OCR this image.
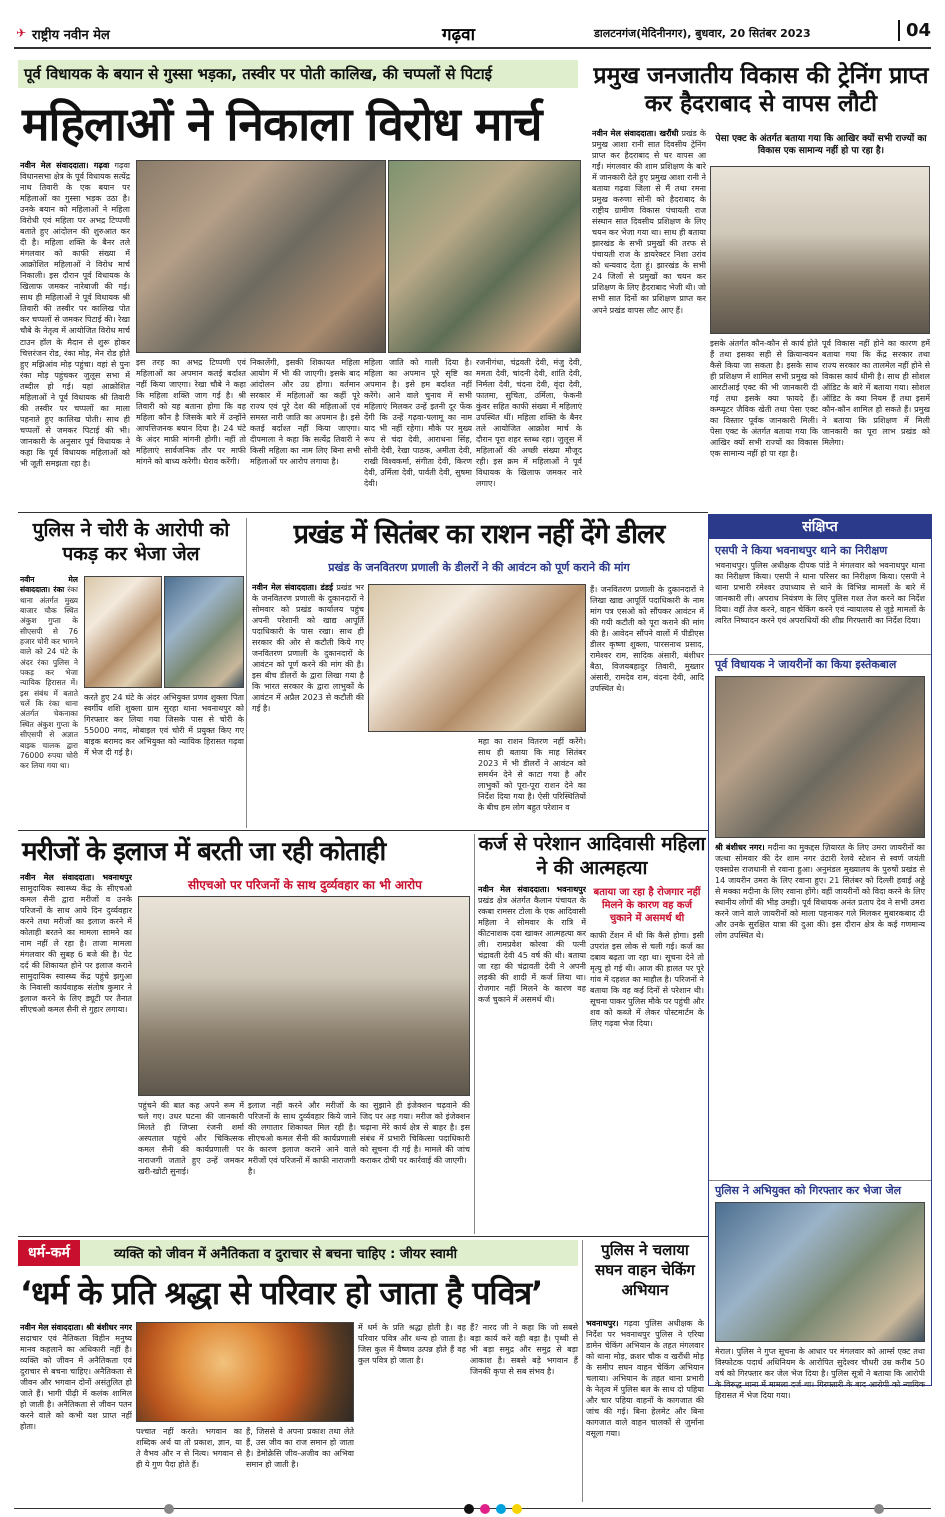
✈ राष्ट्रीय नवीन मेल	गढ़वा	डालटनगंज(मेदिनीनगर), बुधवार, 20 सितंबर 2023	04
पूर्व विधायक के बयान से गुस्सा भड़का, तस्वीर पर पोती कालिख, की चप्पलों से पिटाई
महिलाओं ने निकाला विरोध मार्च
नवीन मेल संवाददाता। गढ़वा गढ़वा विधानसभा क्षेत्र के पूर्व विधायक सत्येंद्र नाथ तिवारी के एक बयान पर महिलाओं का गुस्सा भड़क उठा है। उनके बयान को महिलाओं ने महिला विरोधी एवं महिला पर अभद्र टिप्पणी बताते हुए आंदोलन की शुरुआत कर दी है। महिला शक्ति के बैनर तले मंगलवार को काफी संख्या में आक्रोशित महिलाओं ने विरोध मार्च निकाली। इस दौरान पूर्व विधायक के खिलाफ जमकर नारेबाजी की गई। साथ ही महिलाओं ने पूर्व विधायक श्री तिवारी की तस्वीर पर कालिख पोत कर चप्पलों से जमकर पिटाई की। रेखा चौबे के नेतृत्व में आयोजित विरोध मार्च टाउन हॉल के मैदान से शुरू होकर चित्तरंजन रोड, रंका मोड़, मेन रोड होते हुए मझिआंव मोड़ पहुंचा। वहां से पुनः रंका मोड़ पहुंचकर जुलूस सभा में तब्दील हो गई। यहां आक्रोशित महिलाओं ने पूर्व विधायक श्री तिवारी की तस्वीर पर चप्पलों का माला पहनाते हुए कालिख पोती। साथ ही चप्पलों से जमकर पिटाई की भी। जानकारी के अनुसार पूर्व विधायक ने कहा कि पूर्व विधायक महिलाओं को भी जूती समझता रहा है।
इस तरह का अभद्र टिप्पणी एवं महिलाओं का अपमान कतई बर्दाश्त नहीं किया जाएगा। रेखा चौबे ने कहा कि महिला शक्ति जाग गई है। श्री तिवारी को यह बताना होगा कि वह महिला कौन है जिसके बारे में उन्होंने आपत्तिजनक बयान दिया है। 24 घंटे के अंदर माफ़ी मांगनी होगी। नहीं तो महिलाएं सार्वजनिक तौर पर माफी मांगने को बाध्य करेगी। घेराव करेंगी।
निकालेंगी, इसकी शिकायत महिला आयोग में भी की जाएगी। इसके बाद आंदोलन और उग्र होगा। वर्तमान सरकार में महिलाओं का कहीं पूरे राज्य एवं पूरे देश की महिलाओं एवं समस्त नारी जाति का अपमान है। इसे कतई बर्दाश्त नहीं किया जाएगा। दीपमाला ने कहा कि सत्येंद्र तिवारी ने किसी महिला का नाम लिए बिना सभी महिलाओं पर आरोप लगाया है।
महिला जाति को गाली दिया है। महिला का अपमान पूरे सृष्टि का अपमान है। इसे हम बर्दाश्त नहीं करेंगे। आने वाले चुनाव में सभी महिलाएं मिलकर उन्हें इतनी दूर फेंक देंगी कि उन्हें गढ़वा-पलामू का नाम याद भी नहीं रहेगा। मौके पर मुख्य रूप से चंदा देवी, आराधना सिंह, सोनी देवी, रेखा पाठक, अमीता देवी, राखी विश्वकर्मा, संगीता देवी, किरण देवी, उर्मिला देवी, पार्वती देवी, सुषमा देवी।
रजनीगंधा, चंद्रवती देवी, मंजु देवी, ममता देवी, चांदनी देवी, शांति देवी, निर्मला देवी, चंदना देवी, वृंदा देवी, फातमा, सुचिता, उर्मिला, फेकनी कुंवर सहित काफी संख्या में महिलाएं उपस्थित थीं। महिला शक्ति के बैनर तले आयोजित आक्रोश मार्च के दौरान पूरा शहर स्तब्ध रहा। जुलूस में महिलाओं की अच्छी संख्या मौजूद रही। इस क्रम में महिलाओं ने पूर्व विधायक के खिलाफ जमकर नारे लगाए।
प्रमुख जनजातीय विकास की ट्रेनिंग प्राप्त कर हैदराबाद से वापस लौटी
नवीन मेल संवाददाता। खरौंधी प्रखंड के प्रमुख आशा रानी सात दिवसीय ट्रेनिंग प्राप्त कर हैदराबाद से घर वापस आ गईं। मंगलवार की शाम प्रशिक्षण के बारे में जानकारी देते हुए प्रमुख आशा रानी ने बताया गढ़वा जिला से मैं तथा रमना प्रमुख करुणा सोनी को हैदराबाद के राष्ट्रीय ग्रामीण विकास पंचायती राज संस्थान सात दिवसीय प्रशिक्षण के लिए चयन कर भेजा गया था। साथ ही बताया झारखंड के सभी प्रमुखों की तरफ से पंचायती राज के डायरेक्टर निशा उरांव को धन्यवाद देता हूं। झारखंड के सभी 24 जिलों से प्रमुखों का चयन कर प्रशिक्षण के लिए हैदराबाद भेजी थी। जो सभी सात दिनों का प्रशिक्षण प्राप्त कर अपने प्रखंड वापस लौट आए हैं।
पेसा एक्ट के अंतर्गत बताया गया कि आखिर क्यों सभी राज्यों का विकास एक सामान्य नहीं हो पा रहा है।
इसके अंतर्गत कौन-कौन से कार्य होते हैं तथा इसका सही से क्रियान्वयन कैसे किया जा सकता है। इसके साथ ही प्रशिक्षण में शामिल सभी प्रमुख को आरटीआई एक्ट की भी जानकारी दी गई तथा इसके क्या फायदे हैं। कम्प्यूटर जैविक खेती तथा पेसा एक्ट का विस्तार पूर्वक जानकारी मिली। पेसा एक्ट के अंतर्गत बताया गया कि आखिर क्यों सभी राज्यों का विकास एक सामान्य नहीं हो पा रहा है।
पूर्व विकास नहीं होने का कारण हमें बताया गया कि केंद्र सरकार तथा राज्य सरकार का तालमेल नहीं होने से विकास कार्य धीमी है। साथ ही सोशल ऑडिट के बारे में बताया गया। सोशल ऑडिट के क्या नियम हैं तथा इसमें कौन-कौन शामिल हो सकते हैं। प्रमुख ने बताया कि प्रशिक्षण में मिली जानकारी का पूरा लाभ प्रखंड को मिलेगा।
संक्षिप्त
एसपी ने किया भवनाथपुर थाने का निरीक्षण
भवनाथपुर। पुलिस अधीक्षक दीपक पांडे ने मंगलवार को भवनाथपुर थाना का निरीक्षण किया। एसपी ने थाना परिसर का निरीक्षण किया। एसपी ने थाना प्रभारी रमेश्वर उपाध्याय से थाने के विभिन्न मामलों के बारे में जानकारी ली। अपराध नियंत्रण के लिए पुलिस गश्त तेज करने का निर्देश दिया। वहीं तेज करने, वाहन चेकिंग करने एवं न्यायालय से जुड़े मामलों के त्वरित निष्पादन करने एवं अपराधियों की शीघ्र गिरफ्तारी का निर्देश दिया।
पूर्व विधायक ने जायरीनों का किया इस्तेकबाल
श्री बंशीधर नगर। मदीना का मुकद्दस ज़ियारत के लिए उमरा जायरीनों का जत्था सोमवार की देर शाम नगर उंटारी रेलवे स्टेशन से स्वर्ण जयंती एक्सप्रेस राजधानी से रवाना हुआ। अनुमंडल मुख्यालय के पुरुषों प्रखंड से 14 जायरीन उमरा के लिए रवाना हुए। 21 सितंबर को दिल्ली हवाई अड्डे से मक्का मदीना के लिए रवाना होंगे। वहीं जायरीनों को विदा करने के लिए स्थानीय लोगों की भीड़ उमड़ी। पूर्व विधायक अनंत प्रताप देव ने सभी उमरा करने जाने वाले जायरीनों को माला पहनाकर गले मिलकर मुबारकबाद दी और उनके सुरक्षित यात्रा की दुआ की। इस दौरान क्षेत्र के कई गणमान्य लोग उपस्थित थे।
पुलिस ने अभियुक्त को गिरफ्तार कर भेजा जेल
मेराल। पुलिस ने गुप्त सूचना के आधार पर मंगलवार को आर्म्स एक्ट तथा विस्फोटक पदार्थ अधिनियम के आरोपित सुदेश्वर चौधरी उम्र करीब 50 वर्ष को गिरफ्तार कर जेल भेज दिया है। पुलिस सूत्रों ने बताया कि आरोपी के विरुद्ध थाना में मामला दर्ज था। गिरफ्तारी के बाद आरोपी को न्यायिक हिरासत में भेज दिया गया।
पुलिस ने चोरी के आरोपी को पकड़ कर भेजा जेल
नवीन मेल संवाददाता। रंका रंका थाना अंतर्गत मुख्य बाजार चौक स्थित अंकुश गुप्ता के सीएसपी से 76 हजार चोरी कर भागने वाले को 24 घंटे के अंदर रंका पुलिस ने पकड़ कर भेजा न्यायिक हिरासत में। इस संबंध में बताते चलें कि रंका थाना अंतर्गत चेकनाका स्थित अंकुश गुप्ता के सीएसपी से अज्ञात बाइक चालक द्वारा 76000 रुपया चोरी कर लिया गया था।
करते हुए 24 घंटे के अंदर अभियुक्त प्रणव शुक्ला पिता स्वर्गीय शशि शुक्ला ग्राम सुरहा थाना भवनाथपुर को गिरफ्तार कर लिया गया जिसके पास से चोरी के 55000 नगद, मोबाइल एवं चोरी में प्रयुक्त किए गए बाइक बरामद कर अभियुक्त को न्यायिक हिरासत गढ़वा में भेज दी गई है।
प्रखंड में सितंबर का राशन नहीं देंगे डीलर
प्रखंड के जनवितरण प्रणाली के डीलरों ने की आवंटन को पूर्ण कराने की मांग
नवीन मेल संवाददाता। डंडई प्रखंड भर के जनवितरण प्रणाली के दुकानदारों ने सोमवार को प्रखंड कार्यालय पहुंच अपनी परेशानी को खाद्य आपूर्ति पदाधिकारी के पास रखा। साथ ही सरकार की ओर से कटौती किये गए जनवितरण प्रणाली के दुकानदारों के आवंटन को पूर्ण करने की मांग की है। इस बीच डीलरों के द्वारा लिखा गया है कि भारत सरकार के द्वारा लाभुकों के आवंटन में अप्रैल 2023 से कटौती की गई है।
महा का राशन वितरण नहीं करेंगे। साथ ही बताया कि माह सितंबर 2023 में भी डीलरों ने आवंटन को समर्थन देने से काटा गया है और लाभुकों को पूरा-पूरा राशन देने का निर्देश दिया गया है। ऐसी परिस्थितियों के बीच हम लोग बहुत परेशान व
हैं। जनवितरण प्रणाली के दुकानदारों ने लिखा खाद्य आपूर्ति पदाधिकारी के नाम मांग पत्र एसओ को सौंपकर आवंटन में की गयी कटौती को पूरा कराने की मांग की है। आवेदन सौंपने वालों में पीडीएस डीलर कृष्णा शुक्ला, पारसनाथ प्रसाद, रामेश्वर राम, सादिक अंसारी, बंशीधर बैठा, विजयबहादुर तिवारी, मुख्तार अंसारी, रामदेव राम, वंदना देवी, आदि उपस्थित थे।
मरीजों के इलाज में बरती जा रही कोताही
नवीन मेल संवाददाता। भवनाथपुर सामुदायिक स्वास्थ्य केंद्र के सीएचओ कमल सैनी द्वारा मरीजों व उनके परिजनों के साथ आये दिन दुर्व्यवहार करने तथा मरीजों का इलाज करने में कोताही बरतने का मामला सामने का नाम नहीं ले रहा है। ताजा मामला मंगलवार की सुबह 6 बजे की है। पेट दर्द की शिकायत होने पर इलाज कराने सामुदायिक स्वास्थ्य केंद्र पहुंचे झगुआ के निवासी कार्यवाहक संतोष कुमार ने इलाज करने के लिए ड्यूटी पर तैनात सीएचओ कमल सैनी से गुहार लगाया।
सीएचओ पर परिजनों के साथ दुर्व्यवहार का भी आरोप
पहुंचने की बात कह अपने रूम में चले गए। उधर घटना की जानकारी मिलते ही जिप्सा रंजनी शर्मा अस्पताल पहुंचे और चिकित्सक कमल सैनी की कार्यप्रणाली पर नाराजगी जताते हुए उन्हें जमकर खरी-खोटी सुनाई।
इलाज नहीं करने और मरीजों के परिजनों के साथ दुर्व्यवहार किये जाने की लगातार शिकायत मिल रही है। सीएचओ कमल सैनी की कार्यप्रणाली के कारण इलाज कराने आने वाले मरीजों एवं परिजनों में काफी नाराजगी है।
का सुझाने ही इंजेक्शन चढ़वाने की जिद पर अड़ गया। मरीज को इंजेक्शन चढ़ाना मेरे कार्य क्षेत्र से बाहर है। इस संबंध में प्रभारी चिकित्सा पदाधिकारी को सूचना दी गई है। मामले की जांच कराकर दोषी पर कार्रवाई की जाएगी।
कर्ज से परेशान आदिवासी महिला ने की आत्महत्या
नवीन मेल संवाददाता। भवनाथपुर प्रखंड क्षेत्र अंतर्गत कैलान पंचायत के रकबा रामसर टोला के एक आदिवासी महिला ने सोमवार के रात्रि में कीटनाशक दवा खाकर आत्महत्या कर ली। रामप्रवेश कोरवा की पत्नी चंद्रावती देवी 45 वर्ष की थी। बताया जा रहा की चंद्रावती देवी ने अपनी लड़की की शादी में कर्ज लिया था। रोजगार नहीं मिलने के कारण वह कर्ज चुकाने में असमर्थ थी।
बताया जा रहा है रोजगार नहीं मिलने के कारण वह कर्ज चुकाने में असमर्थ थी
काफी टेंशन में थी कि कैसे होगा। इसी उपरांत इस लोक से चली गई। कर्ज का दबाव बढ़ता जा रहा था। सूचना देने तो मृत्यु हो गई थी। आज की हालत पर पूरे गांव में दहशत का माहौल है। परिजनों ने बताया कि वह कई दिनों से परेशान थी। सूचना पाकर पुलिस मौके पर पहुंची और शव को कब्जे में लेकर पोस्टमार्टम के लिए गढ़वा भेज दिया।
धर्म-कर्म	व्यक्ति को जीवन में अनैतिकता व दुराचार से बचना चाहिए : जीयर स्वामी
‘धर्म के प्रति श्रद्धा से परिवार हो जाता है पवित्र’
नवीन मेल संवाददाता। श्री बंशीधर नगर सदाचार एवं नैतिकता विहीन मनुष्य मानव कहलाने का अधिकारी नहीं है। व्यक्ति को जीवन में अनैतिकता एवं दुराचार से बचना चाहिए। अनैतिकता से जीवन और भगवान दोनों असंतुलित हो जाते हैं। भागी पीढ़ी में कलंक शामिल हो जाती है। अनैतिकता से जीवन पतन करने वाले को कभी यश प्राप्त नहीं होता।
पश्चात नहीं करते। भगवान का शब्दिक अर्थ या तो प्रकाश, ज्ञान, या ते वैभव और न से नित्य। भगवान से ही ये गुण पैदा होते हैं।
हैं, जिससे वे अपना प्रकाश तथा लेते हैं, उस जीव का राज समान हो जाता है। डेमोक्रेसि जीव-अजीव का अभिवा समान हो जाती है।
में धर्म के प्रति श्रद्धा होती है। वह परिवार पवित्र और धन्य हो जाता है। जिस कुल में वैष्णव उत्पन्न होते हैं वह कुल पवित्र हो जाता है।
हैं? नारद जी ने कहा कि जो सबसे बड़ा कार्य करे वही बड़ा है। पृथ्वी से भी बड़ा समुद्र और समुद्र से बड़ा आकाश है। सबसे बड़े भगवान हैं जिनकी कृपा से सब संभव है।
पुलिस ने चलाया सघन वाहन चेकिंग अभियान
भवनाथपुर। गढ़वा पुलिस अधीक्षक के निर्देश पर भवनाथपुर पुलिस ने एरिया डामेन चेकिंग अभियान के तहत मंगलवार को थाना मोड़, क्रशर चौक व खरौंधी मोड़ के समीप सघन वाहन चेकिंग अभियान चलाया। अभियान के तहत थाना प्रभारी के नेतृत्व में पुलिस बल के साथ दो पहिया और चार पहिया वाहनों के कागजात की जांच की गई। बिना हेलमेट और बिना कागजात वाले वाहन चालकों से जुर्माना वसूला गया।
